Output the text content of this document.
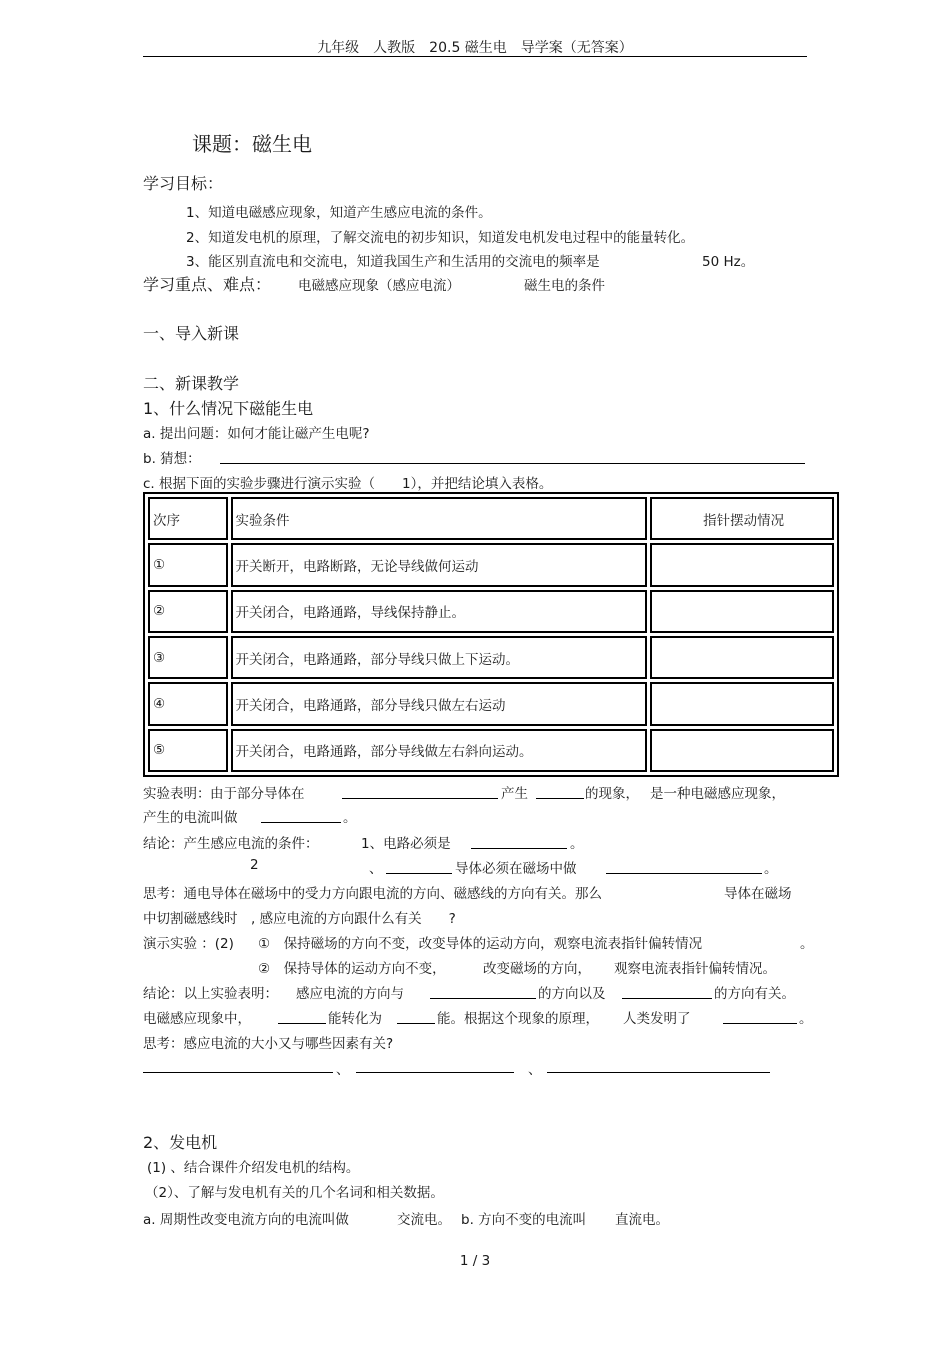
九年级　人教版　20.5 磁生电　导学案（无答案）
课题：磁生电
学习目标：
1、知道电磁感应现象，知道产生感应电流的条件。
2、知道发电机的原理，了解交流电的初步知识，知道发电机发电过程中的能量转化。
3、能区别直流电和交流电，知道我国生产和生活用的交流电的频率是	50 Hz。
学习重点、难点： 电磁感应现象（感应电流）	磁生电的条件
一、导入新课
二、新课教学
1、什么情况下磁能生电
a. 提出问题：如何才能让磁产生电呢?
b. 猜想：
c. 根据下面的实验步骤进行演示实验（　　1），并把结论填入表格。
次序	实验条件	指针摆动情况
①	开关断开，电路断路，无论导线做何运动	
②	开关闭合，电路通路，导线保持静止。	
③	开关闭合，电路通路，部分导线只做上下运动。	
④	开关闭合，电路通路，部分导线只做左右运动	
⑤	开关闭合，电路通路，部分导线做左右斜向运动。	
实验表明： 由于部分导体在	产生	的现象， 是一种电磁感应现象，
产生的电流叫做	。
结论：产生感应电流的条件：	1、电路必须是	。
2	、	导体必须在磁场中做	。
思考：通电导体在磁场中的受力方向跟电流的方向、磁感线的方向有关。那么	导体在磁场
中切割磁感线时　, 感应电流的方向跟什么有关　　?
演示实验 ：(2) ①　保持磁场的方向不变，改变导体的运动方向，观察电流表指针偏转情况	。
②　保持导体的运动方向不变，	改变磁场的方向， 观察电流表指针偏转情况。
结论：以上实验表明： 感应电流的方向与	的方向以及	的方向有关。
电磁感应现象中，	能转化为	能。根据这个现象的原理， 人类发明了	。
思考：感应电流的大小又与哪些因素有关?
、	、
2、发电机
(1) 、结合课件介绍发电机的结构。
（2）、了解与发电机有关的几个名词和相关数据。
a. 周期性改变电流方向的电流叫做	交流电。 b. 方向不变的电流叫 直流电。
1 / 3
